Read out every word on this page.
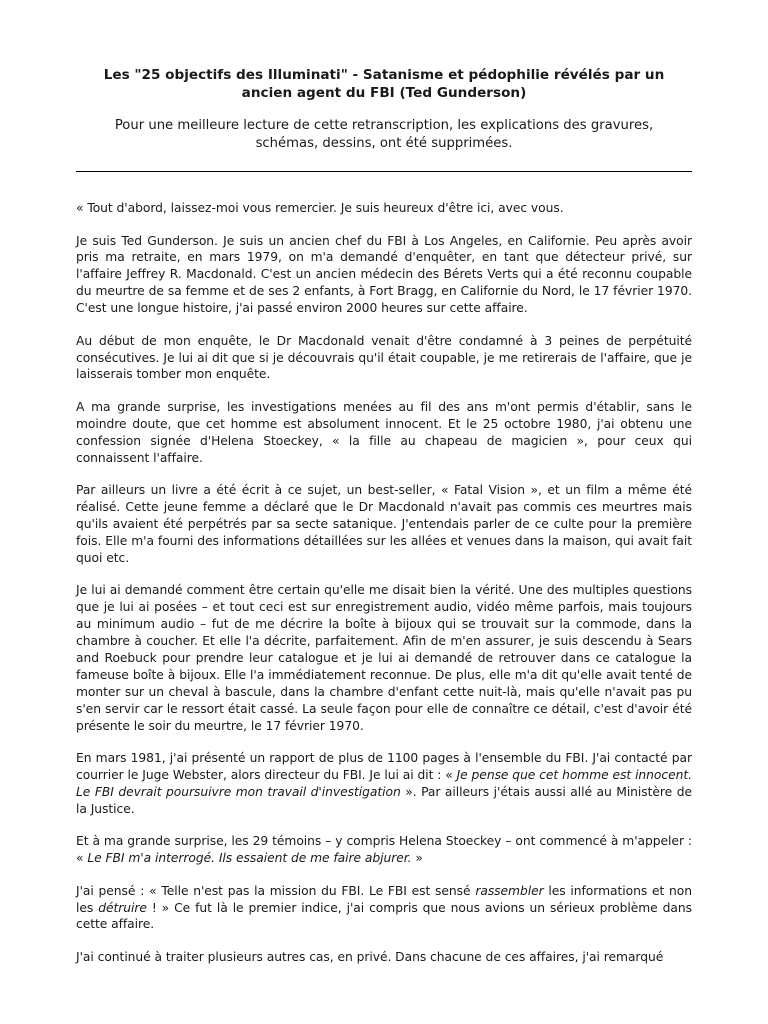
Les "25 objectifs des Illuminati" - Satanisme et pédophilie révélés par un ancien agent du FBI (Ted Gunderson)

Pour une meilleure lecture de cette retranscription, les explications des gravures, schémas, dessins, ont été supprimées.

« Tout d'abord, laissez-moi vous remercier. Je suis heureux d'être ici, avec vous.

Je suis Ted Gunderson. Je suis un ancien chef du FBI à Los Angeles, en Californie. Peu après avoir pris ma retraite, en mars 1979, on m'a demandé d'enquêter, en tant que détecteur privé, sur l'affaire Jeffrey R. Macdonald. C'est un ancien médecin des Bérets Verts qui a été reconnu coupable du meurtre de sa femme et de ses 2 enfants, à Fort Bragg, en Californie du Nord, le 17 février 1970. C'est une longue histoire, j'ai passé environ 2000 heures sur cette affaire.

Au début de mon enquête, le Dr Macdonald venait d'être condamné à 3 peines de perpétuité consécutives. Je lui ai dit que si je découvrais qu'il était coupable, je me retirerais de l'affaire, que je laisserais tomber mon enquête.

A ma grande surprise, les investigations menées au fil des ans m'ont permis d'établir, sans le moindre doute, que cet homme est absolument innocent. Et le 25 octobre 1980, j'ai obtenu une confession signée d'Helena Stoeckey, « la fille au chapeau de magicien », pour ceux qui connaissent l'affaire.

Par ailleurs un livre a été écrit à ce sujet, un best-seller, « Fatal Vision », et un film a même été réalisé. Cette jeune femme a déclaré que le Dr Macdonald n'avait pas commis ces meurtres mais qu'ils avaient été perpétrés par sa secte satanique. J'entendais parler de ce culte pour la première fois. Elle m'a fourni des informations détaillées sur les allées et venues dans la maison, qui avait fait quoi etc.

Je lui ai demandé comment être certain qu'elle me disait bien la vérité. Une des multiples questions que je lui ai posées – et tout ceci est sur enregistrement audio, vidéo même parfois, mais toujours au minimum audio – fut de me décrire la boîte à bijoux qui se trouvait sur la commode, dans la chambre à coucher. Et elle l'a décrite, parfaitement. Afin de m'en assurer, je suis descendu à Sears and Roebuck pour prendre leur catalogue et je lui ai demandé de retrouver dans ce catalogue la fameuse boîte à bijoux. Elle l'a immédiatement reconnue. De plus, elle m'a dit qu'elle avait tenté de monter sur un cheval à bascule, dans la chambre d'enfant cette nuit-là, mais qu'elle n'avait pas pu s'en servir car le ressort était cassé. La seule façon pour elle de connaître ce détail, c'est d'avoir été présente le soir du meurtre, le 17 février 1970.

En mars 1981, j'ai présenté un rapport de plus de 1100 pages à l'ensemble du FBI. J'ai contacté par courrier le Juge Webster, alors directeur du FBI. Je lui ai dit : « Je pense que cet homme est innocent. Le FBI devrait poursuivre mon travail d'investigation ». Par ailleurs j'étais aussi allé au Ministère de la Justice.

Et à ma grande surprise, les 29 témoins – y compris Helena Stoeckey – ont commencé à m'appeler : « Le FBI m'a interrogé. Ils essaient de me faire abjurer. »

J'ai pensé : « Telle n'est pas la mission du FBI. Le FBI est sensé rassembler les informations et non les détruire ! » Ce fut là le premier indice, j'ai compris que nous avions un sérieux problème dans cette affaire.

J'ai continué à traiter plusieurs autres cas, en privé. Dans chacune de ces affaires, j'ai remarqué
